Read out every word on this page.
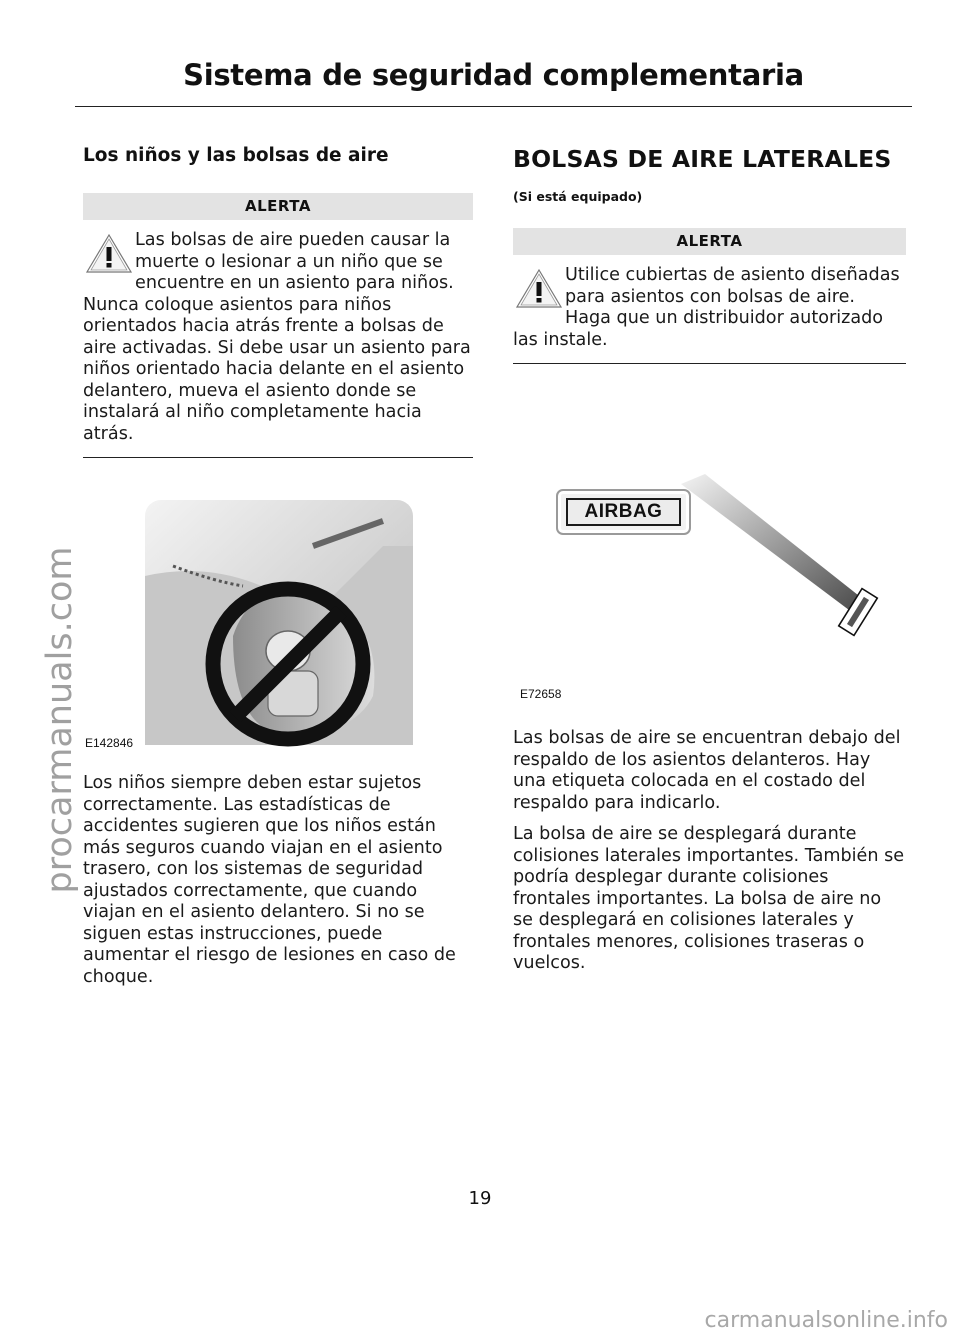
Sistema de seguridad complementaria
Los niños y las bolsas de aire
ALERTA
Las bolsas de aire pueden causar la muerte o lesionar a un niño que se encuentre en un asiento para niños. Nunca coloque asientos para niños orientados hacia atrás frente a bolsas de aire activadas. Si debe usar un asiento para niños orientado hacia delante en el asiento delantero, mueva el asiento donde se instalará al niño completamente hacia atrás.
E142846

Los niños siempre deben estar sujetos correctamente. Las estadísticas de accidentes sugieren que los niños están más seguros cuando viajan en el asiento trasero, con los sistemas de seguridad ajustados correctamente, que cuando viajan en el asiento delantero. Si no se siguen estas instrucciones, puede aumentar el riesgo de lesiones en caso de choque.

BOLSAS DE AIRE LATERALES

(Si está equipado)

ALERTA
Utilice cubiertas de asiento diseñadas para asientos con bolsas de aire. Haga que un distribuidor autorizado las instale.
AIRBAG
E72658

Las bolsas de aire se encuentran debajo del respaldo de los asientos delanteros. Hay una etiqueta colocada en el costado del respaldo para indicarlo.

La bolsa de aire se desplegará durante colisiones laterales importantes. También se podría desplegar durante colisiones frontales importantes. La bolsa de aire no se desplegará en colisiones laterales y frontales menores, colisiones traseras o vuelcos.

19
procarmanuals.com
carmanualsonline.info
